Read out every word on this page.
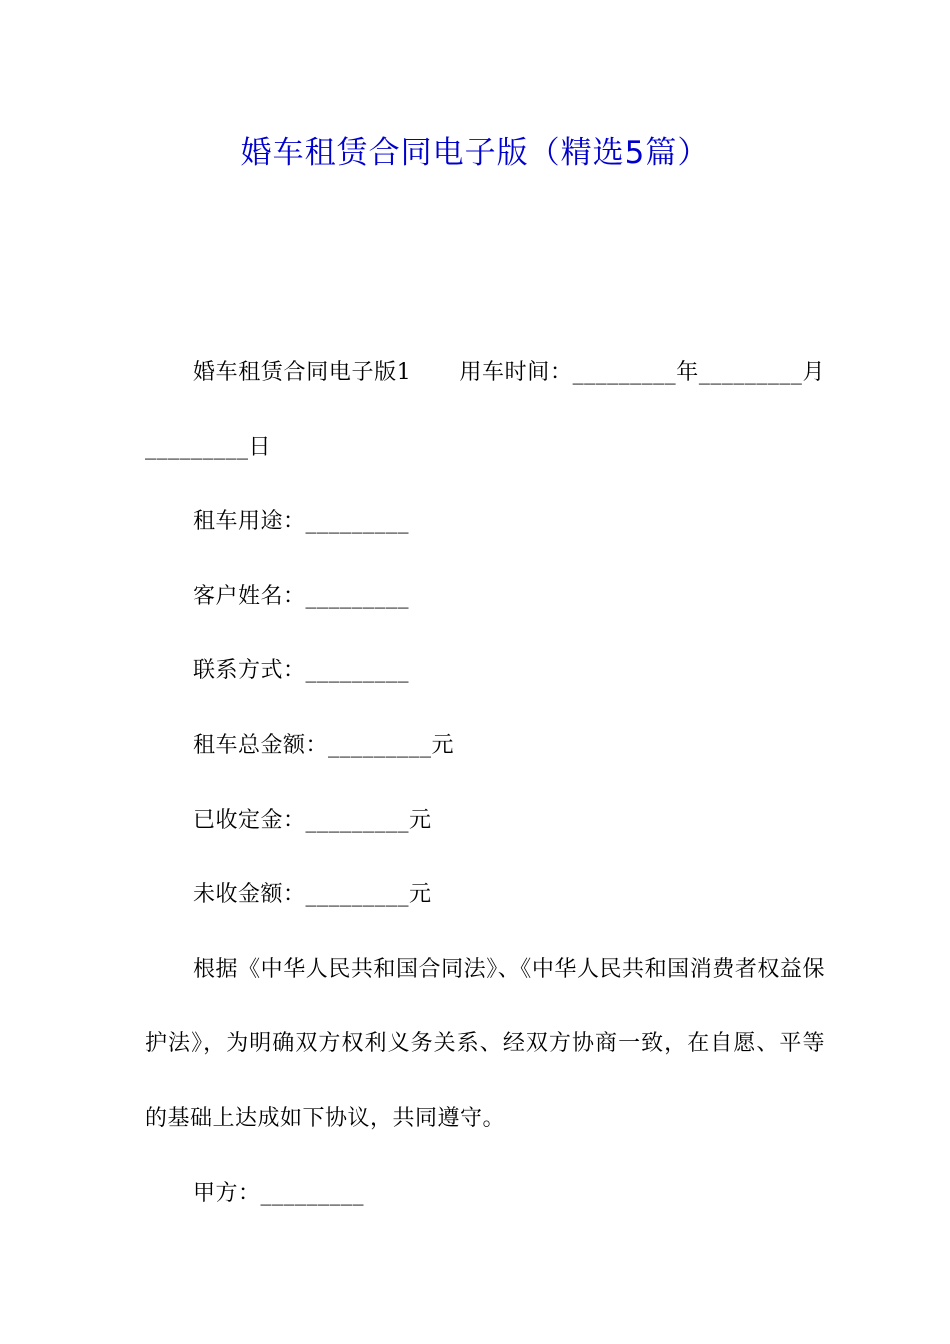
婚车租赁合同电子版（精选5篇）

婚车租赁合同电子版1 用车时间：_________年_________月_________日

租车用途：_________

客户姓名：_________

联系方式：_________

租车总金额：_________元

已收定金：_________元

未收金额：_________元

根据《中华人民共和国合同法》、《中华人民共和国消费者权益保护法》，为明确双方权利义务关系、经双方协商一致，在自愿、平等的基础上达成如下协议，共同遵守。

甲方：_________
